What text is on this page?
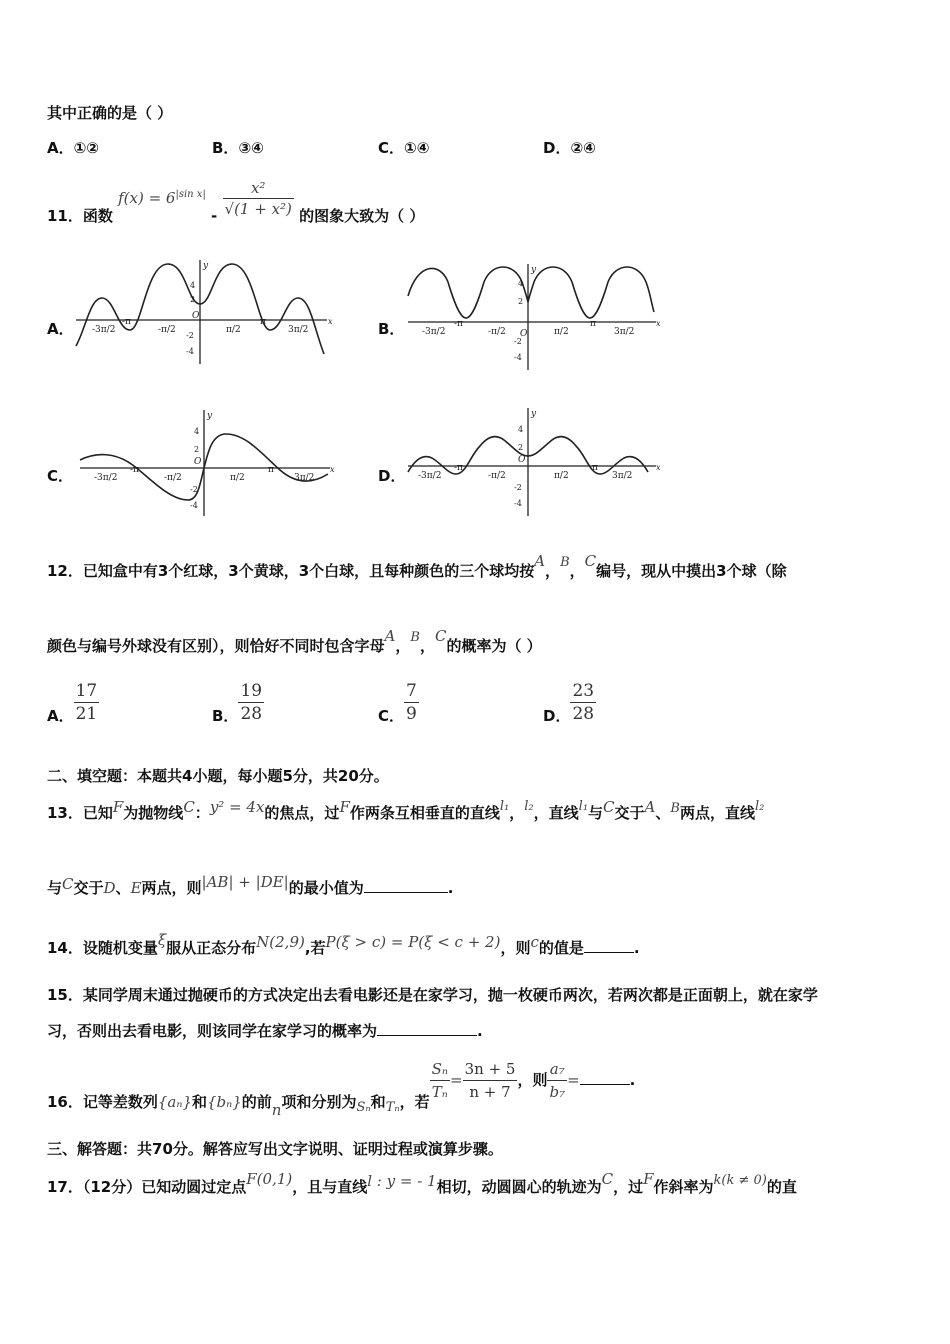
其中正确的是（ ）
A．①②	B．③④	C．①④	D．②④
11．函数 $f(x) = 6^{|sin x|} - \frac{\text{x²}}{\text{√(1 + x²)}}$ 的图象大致为（ ）
A．	B．
C．	D．
y
x
-3π/2
-π
-π/2
O
π/2
π
3π/2
4
2
-2
-4
y
x
-3π/2
-π
-π/2 O	π/2
π
3π/2
4
2
-2
-4
y
x
-3π/2
-π
-π/2
O
π/2
π
3π/2
4
2
-2
-4
y
x
-3π/2
-π
-π/2
O
π/2
π
3π/2
4
2
-2
-4
12．已知盒中有3个红球，3个黄球，3个白球，且每种颜色的三个球均按A，B，C编号，现从中摸出3个球（除
颜色与编号外球没有区别），则恰好不同时包含字母A，B，C的概率为（ ）
A． $\frac{17}{21}$	B． $\frac{19}{28}$	C． $\frac{7}{9}$	D． $\frac{23}{28}$
二、填空题：本题共4小题，每小题5分，共20分。
13．已知F为抛物线C：y² = 4x的焦点，过F作两条互相垂直的直线l₁，l₂，直线l₁与C交于A、B两点，直线l₂
与C交于D、E两点，则|AB| + |DE|的最小值为	.
14．设随机变量ξ服从正态分布N(2,9),若P(ξ > c) = P(ξ < c + 2)，则c的值是	.
15．某同学周末通过抛硬币的方式决定出去看电影还是在家学习，抛一枚硬币两次，若两次都是正面朝上，就在家学
习，否则出去看电影，则该同学在家学习的概率为	.
16．记等差数列{aₙ}和{bₙ}的前n项和分别为Sₙ和Tₙ，若 $\frac{\text{Sₙ}}{\text{Tₙ}} = \frac{3n + 5}{n + 7}$ ，则 $\frac{\text{a₇}}{\text{b₇}}$ =	.
三、解答题：共70分。解答应写出文字说明、证明过程或演算步骤。
17．（12分）已知动圆过定点F(0,1)，且与直线l : y = - 1相切，动圆圆心的轨迹为C，过F作斜率为k(k ≠ 0)的直
